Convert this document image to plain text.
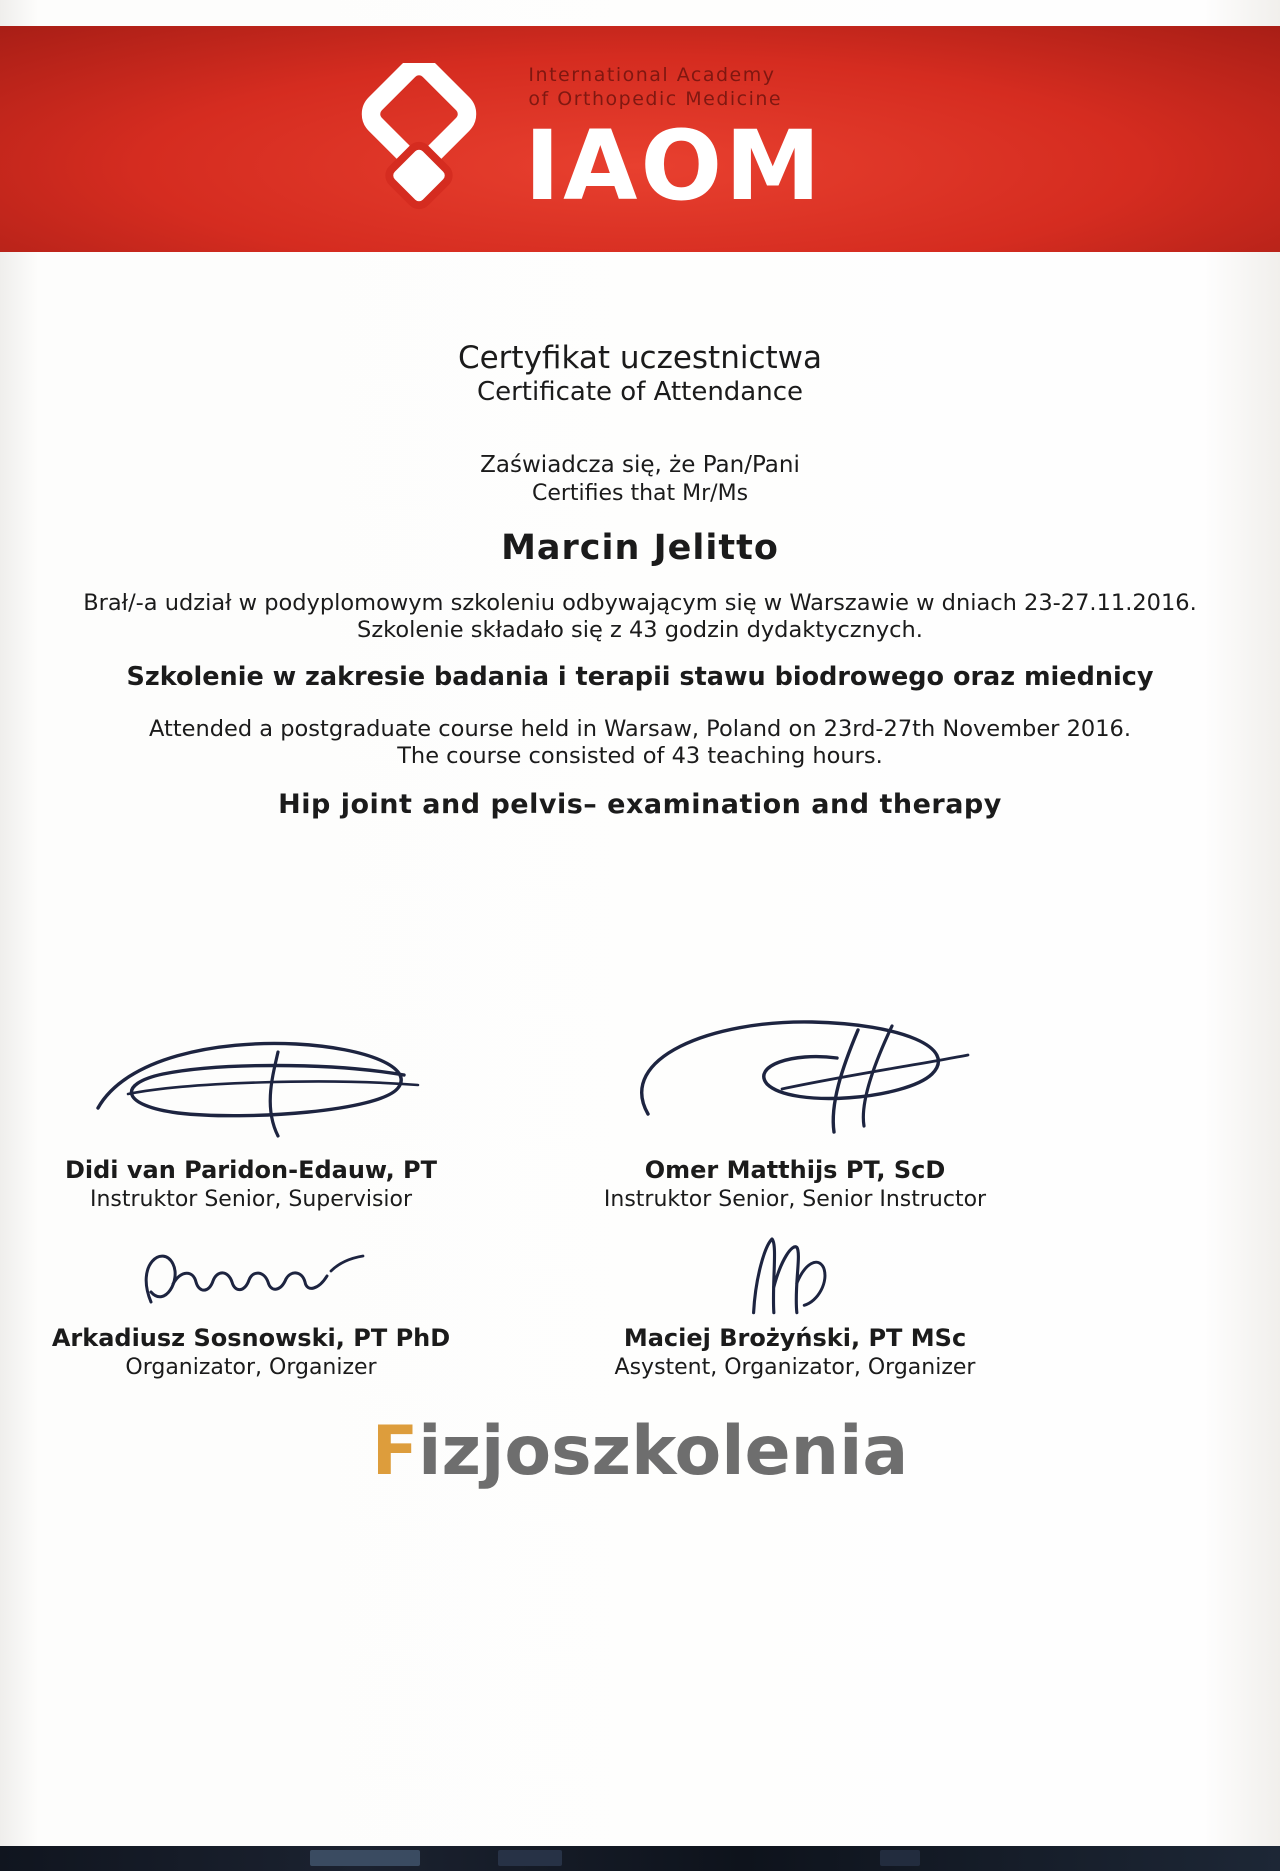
International Academy
of Orthopedic Medicine
IAOM
Certyfikat uczestnictwa
Certificate of Attendance
Zaświadcza się, że Pan/Pani
Certifies that Mr/Ms
Marcin Jelitto
Brał/-a udział w podyplomowym szkoleniu odbywającym się w Warszawie w dniach 23-27.11.2016.
Szkolenie składało się z 43 godzin dydaktycznych.
Szkolenie w zakresie badania i terapii stawu biodrowego oraz miednicy
Attended a postgraduate course held in Warsaw, Poland on 23rd-27th November 2016.
The course consisted of 43 teaching hours.
Hip joint and pelvis– examination and therapy
Didi van Paridon-Edauw, PT
Instruktor Senior, Supervisior
Omer Matthijs PT, ScD
Instruktor Senior, Senior Instructor
Arkadiusz Sosnowski, PT PhD
Organizator, Organizer
Maciej Brożyński, PT MSc
Asystent, Organizator, Organizer
Fizjoszkolenia
